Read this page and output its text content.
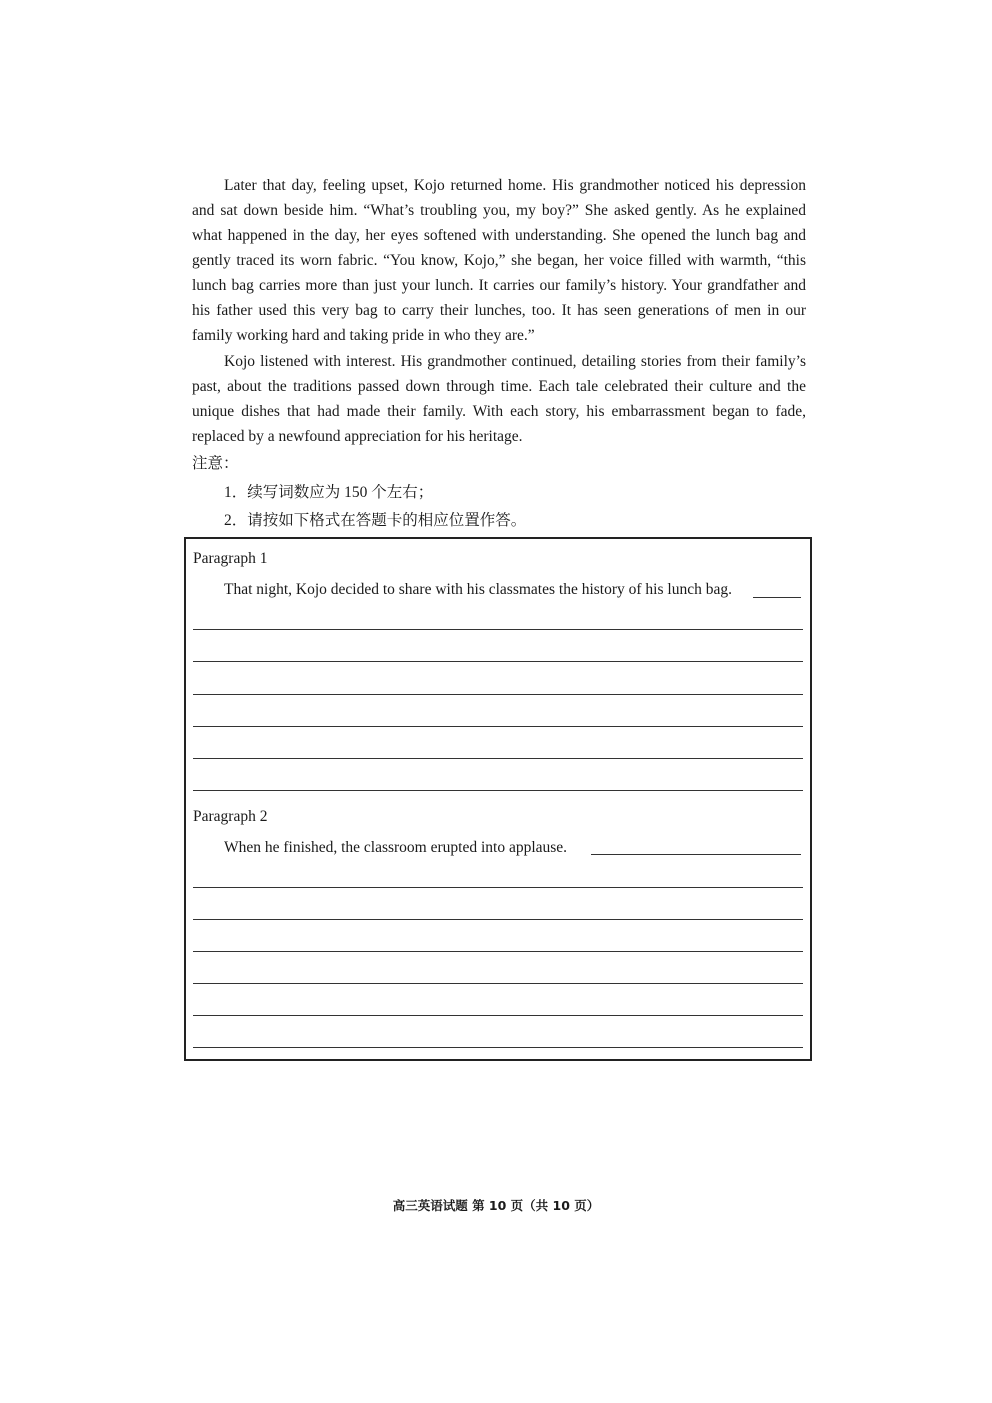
Later that day, feeling upset, Kojo returned home. His grandmother noticed his depression and sat down beside him. “What’s troubling you, my boy?” She asked gently. As he explained what happened in the day, her eyes softened with understanding. She opened the lunch bag and gently traced its worn fabric. “You know, Kojo,” she began, her voice filled with warmth, “this lunch bag carries more than just your lunch. It carries our family’s history. Your grandfather and his father used this very bag to carry their lunches, too. It has seen generations of men in our family working hard and taking pride in who they are.”

Kojo listened with interest. His grandmother continued, detailing stories from their family’s past, about the traditions passed down through time. Each tale celebrated their culture and the unique dishes that had made their family. With each story, his embarrassment began to fade, replaced by a newfound appreciation for his heritage.

注意：
1．续写词数应为 150 个左右；
2．请按如下格式在答题卡的相应位置作答。
Paragraph 1
That night, Kojo decided to share with his classmates the history of his lunch bag.
Paragraph 2
When he finished, the classroom erupted into applause.
高三英语试题 第 10 页（共 10 页）
